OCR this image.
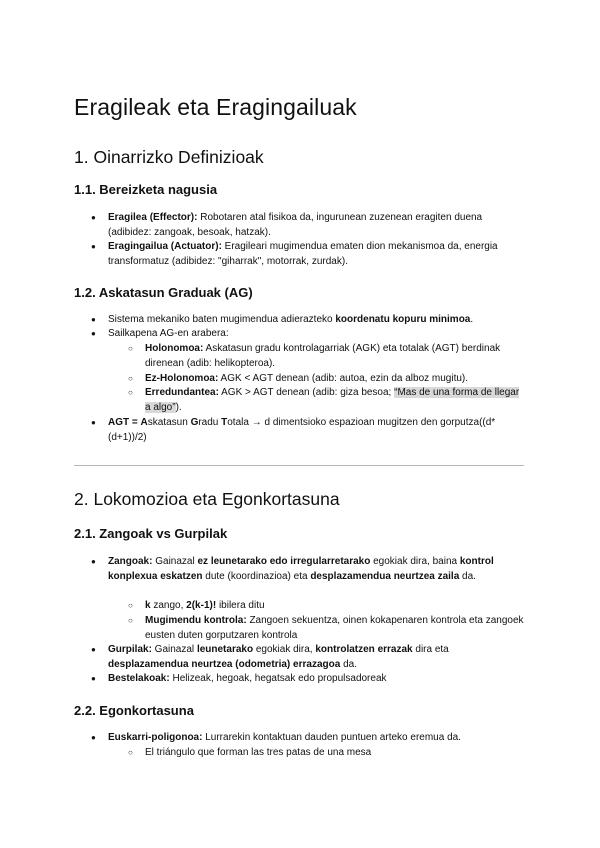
Eragileak eta Eragingailuak
1. Oinarrizko Definizioak
1.1. Bereizketa nagusia
● Eragilea (Effector): Robotaren atal fisikoa da, ingurunean zuzenean eragiten duena (adibidez: zangoak, besoak, hatzak).
● Eragingailua (Actuator): Eragileari mugimendua ematen dion mekanismoa da, energia transformatuz (adibidez: "giharrak", motorrak, zurdak).
1.2. Askatasun Graduak (AG)
● Sistema mekaniko baten mugimendua adierazteko koordenatu kopuru minimoa.
● Sailkapena AG-en arabera:
○ Holonomoa: Askatasun gradu kontrolagarriak (AGK) eta totalak (AGT) berdinak direnean (adib: helikopteroa).
○ Ez-Holonomoa: AGK < AGT denean (adib: autoa, ezin da alboz mugitu).
○ Erredundantea: AGK > AGT denean (adib: giza besoa; “Mas de una forma de llegar a algo”).
● AGT = Askatasun Gradu Totala → d dimentsioko espazioan mugitzen den gorputza((d*(d+1))/2)
2. Lokomozioa eta Egonkortasuna
2.1. Zangoak vs Gurpilak
● Zangoak: Gainazal ez leunetarako edo irregularretarako egokiak dira, baina kontrol konplexua eskatzen dute (koordinazioa) eta desplazamendua neurtzea zaila da.
○ k zango, 2(k-1)! ibilera ditu
○ Mugimendu kontrola: Zangoen sekuentza, oinen kokapenaren kontrola eta zangoek eusten duten gorputzaren kontrola
● Gurpilak: Gainazal leunetarako egokiak dira, kontrolatzen errazak dira eta desplazamendua neurtzea (odometria) errazagoa da.
● Bestelakoak: Helizeak, hegoak, hegatsak edo propulsadoreak
2.2. Egonkortasuna
● Euskarri-poligonoa: Lurrarekin kontaktuan dauden puntuen arteko eremua da.
○ El triángulo que forman las tres patas de una mesa
